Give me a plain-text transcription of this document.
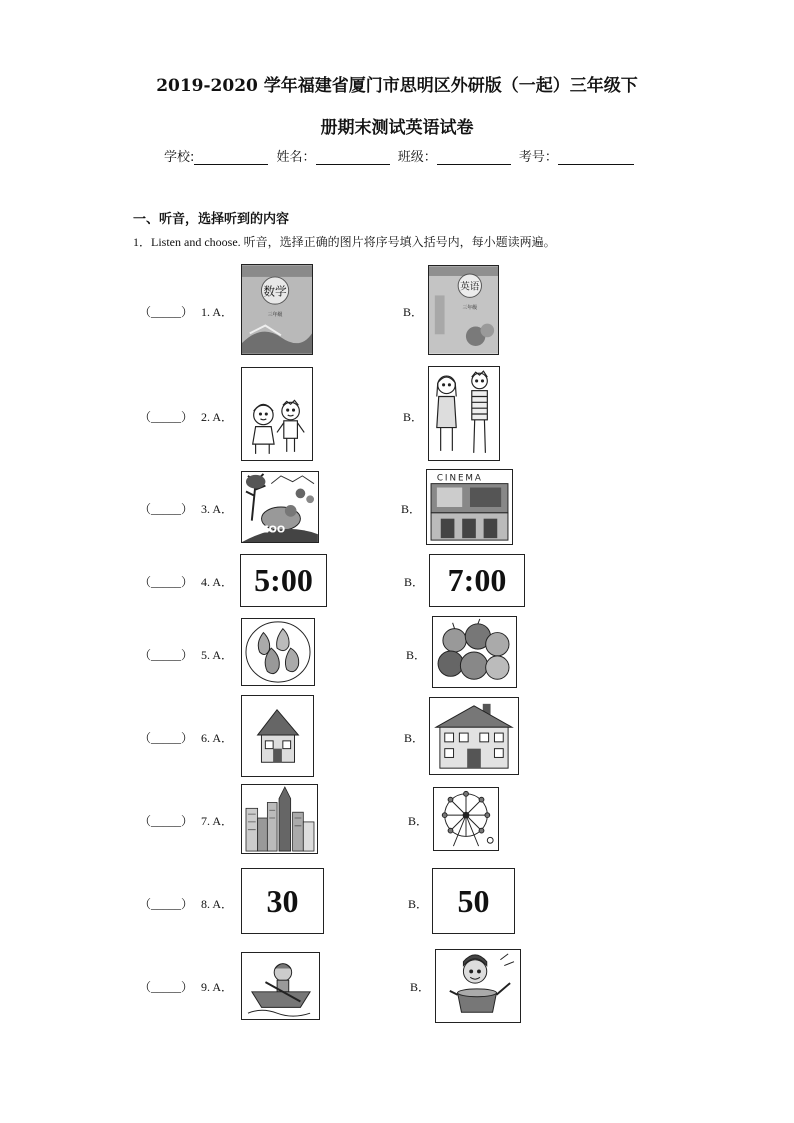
2019-2020 学年福建省厦门市思明区外研版（一起）三年级下
册期末测试英语试卷
学校:	姓名：	班级：	考号：
一、听音，选择听到的内容
1．Listen and choose. 听音，选择正确的图片将序号填入括号内，每小题读两遍。
（_____） 1. A．
数学
三年级	B．
英语
三年级
（_____） 2. A．	B．
（_____） 3. A．
ZOO
B．
CINEMA
（_____） 4. A． 5:00	B． 7:00
（_____） 5. A．	B．
（_____） 6. A．	B．
（_____） 7. A．	B．
（_____） 8. A．	30	B． 50
（_____） 9. A．	B．
